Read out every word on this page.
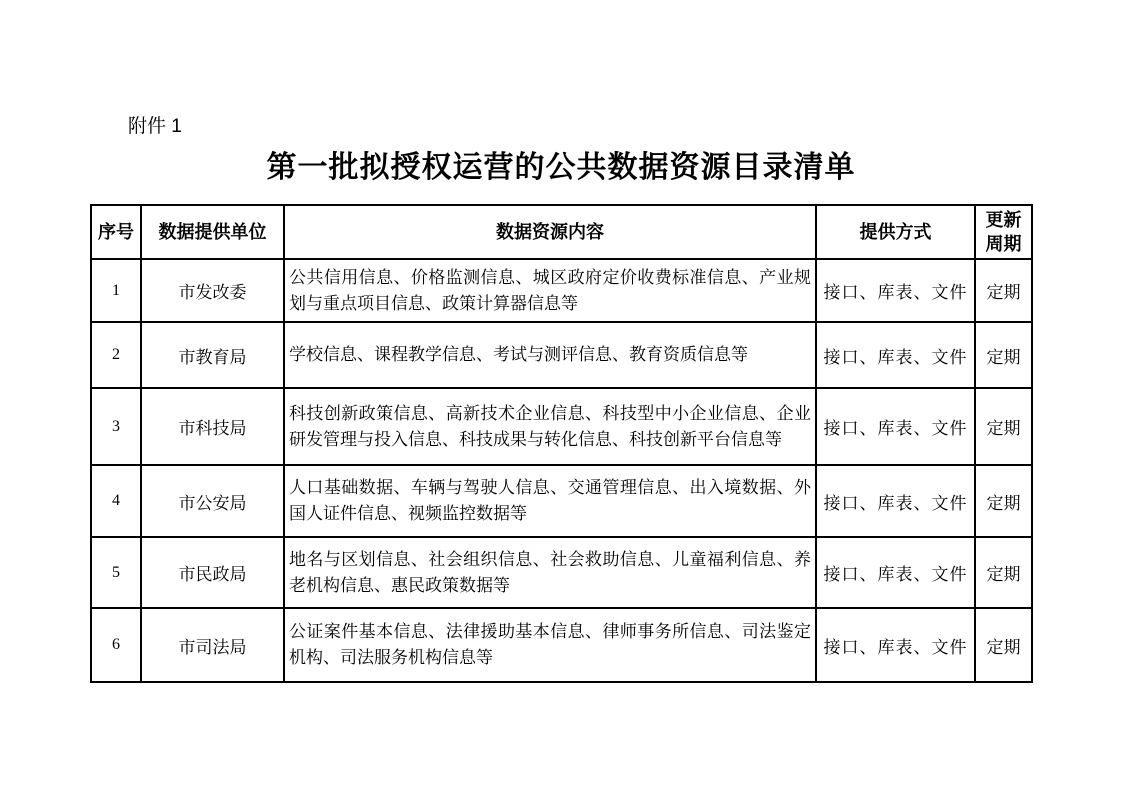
附件 1
第一批拟授权运营的公共数据资源目录清单
序号	数据提供单位	数据资源内容	提供方式	更新周期
1	市发改委	公共信用信息、价格监测信息、城区政府定价收费标准信息、产业规划与重点项目信息、政策计算器信息等	接口、库表、文件	定期
2	市教育局	学校信息、课程教学信息、考试与测评信息、教育资质信息等	接口、库表、文件	定期
3	市科技局	科技创新政策信息、高新技术企业信息、科技型中小企业信息、企业研发管理与投入信息、科技成果与转化信息、科技创新平台信息等	接口、库表、文件	定期
4	市公安局	人口基础数据、车辆与驾驶人信息、交通管理信息、出入境数据、外国人证件信息、视频监控数据等	接口、库表、文件	定期
5	市民政局	地名与区划信息、社会组织信息、社会救助信息、儿童福利信息、养老机构信息、惠民政策数据等	接口、库表、文件	定期
6	市司法局	公证案件基本信息、法律援助基本信息、律师事务所信息、司法鉴定机构、司法服务机构信息等	接口、库表、文件	定期
